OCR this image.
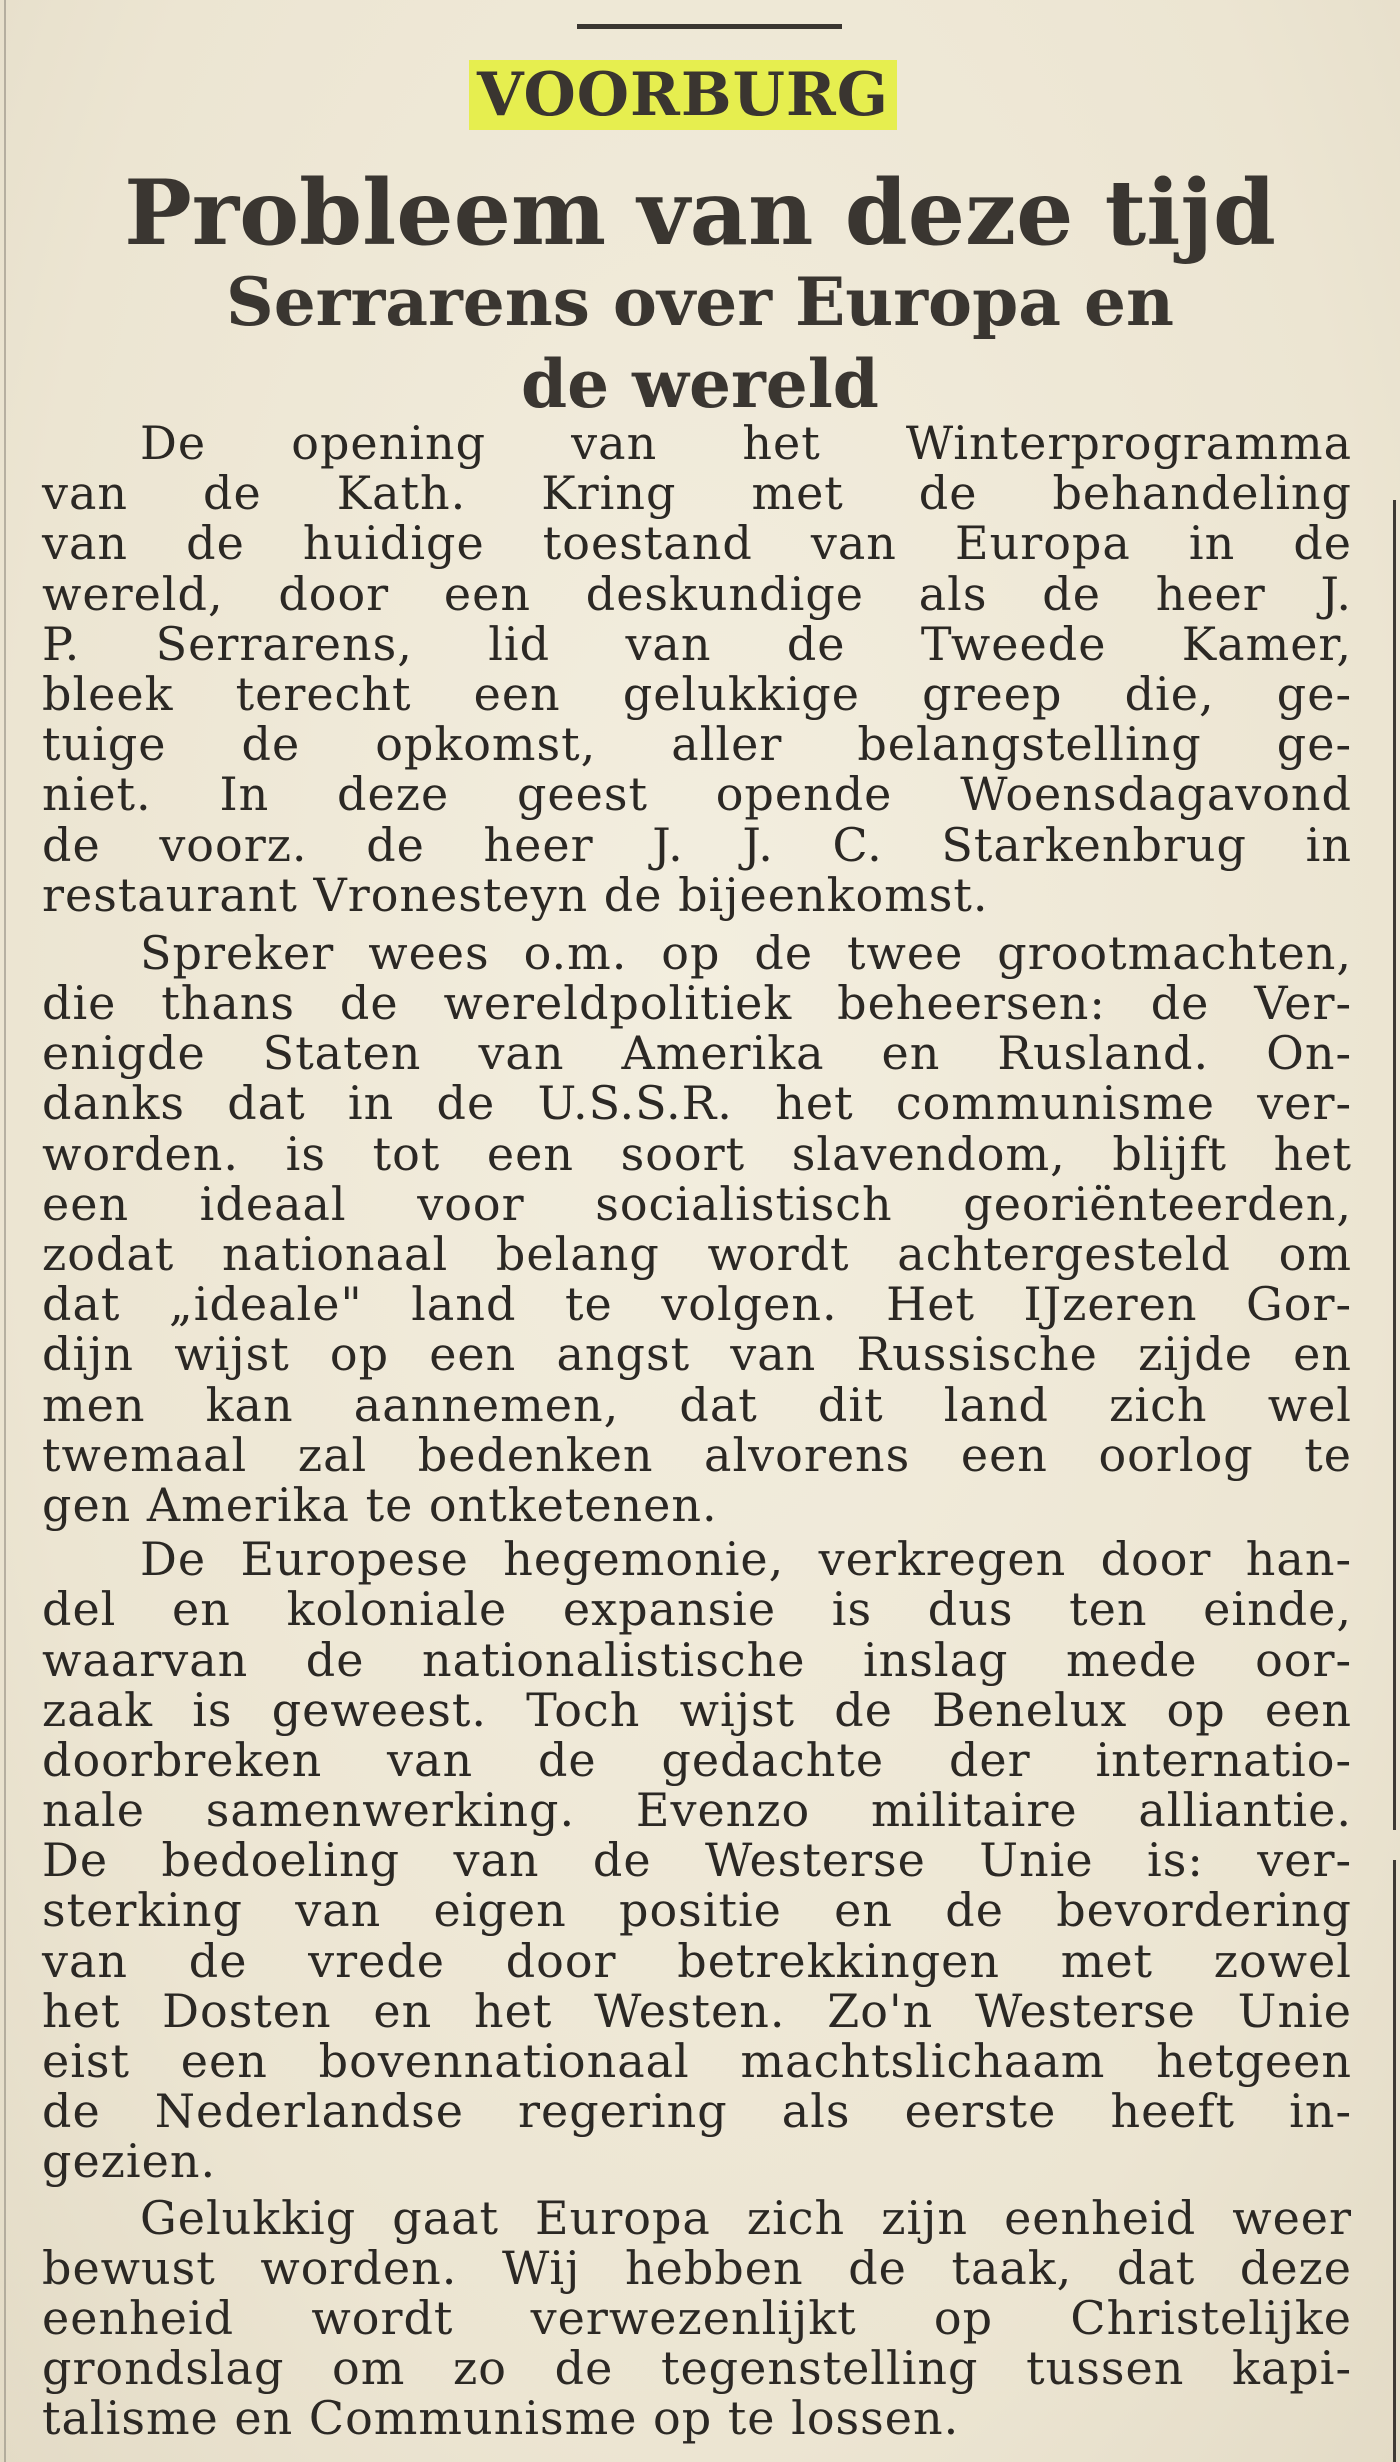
VOORBURG
Probleem van deze tijd
Serrarens over Europa en
de wereld
De opening van het Winterprogramma
van de Kath. Kring met de behandeling
van de huidige toestand van Europa in de
wereld, door een deskundige als de heer J.
P. Serrarens, lid van de Tweede Kamer,
bleek terecht een gelukkige greep die, ge-
tuige de opkomst, aller belangstelling ge-
niet. In deze geest opende Woensdagavond
de voorz. de heer J. J. C. Starkenbrug in
restaurant Vronesteyn de bijeenkomst.
Spreker wees o.m. op de twee grootmachten,
die thans de wereldpolitiek beheersen: de Ver-
enigde Staten van Amerika en Rusland. On-
danks dat in de U.S.S.R. het communisme ver-
worden. is tot een soort slavendom, blijft het
een ideaal voor socialistisch georiënteerden,
zodat nationaal belang wordt achtergesteld om
dat „ideale" land te volgen. Het IJzeren Gor-
dijn wijst op een angst van Russische zijde en
men kan aannemen, dat dit land zich wel
twemaal zal bedenken alvorens een oorlog te
gen Amerika te ontketenen.
De Europese hegemonie, verkregen door han-
del en koloniale expansie is dus ten einde,
waarvan de nationalistische inslag mede oor-
zaak is geweest. Toch wijst de Benelux op een
doorbreken van de gedachte der internatio-
nale samenwerking. Evenzo militaire alliantie.
De bedoeling van de Westerse Unie is: ver-
sterking van eigen positie en de bevordering
van de vrede door betrekkingen met zowel
het Dosten en het Westen. Zo'n Westerse Unie
eist een bovennationaal machtslichaam hetgeen
de Nederlandse regering als eerste heeft in-
gezien.
Gelukkig gaat Europa zich zijn eenheid weer
bewust worden. Wij hebben de taak, dat deze
eenheid wordt verwezenlijkt op Christelijke
grondslag om zo de tegenstelling tussen kapi-
talisme en Communisme op te lossen.
